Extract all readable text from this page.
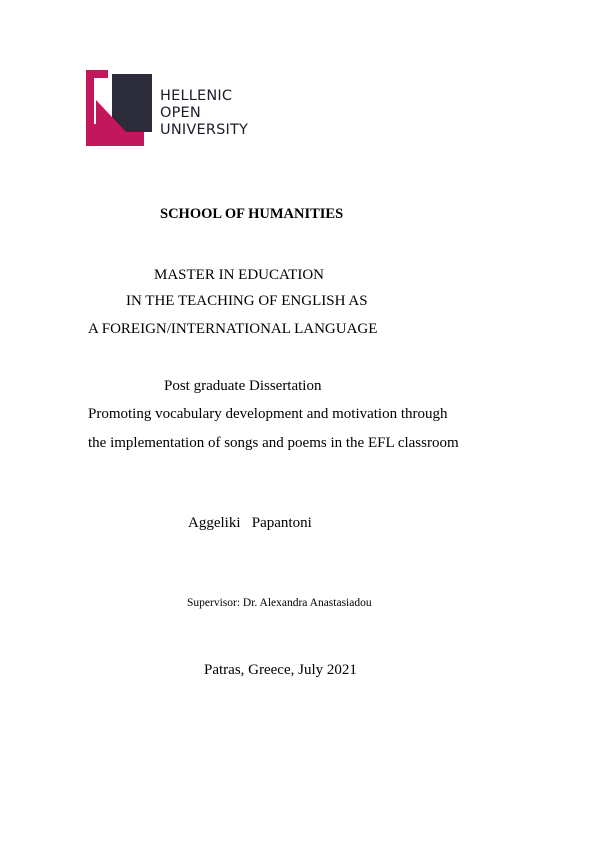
HELLENIC
OPEN
UNIVERSITY
SCHOOL OF HUMANITIES
MASTER IN EDUCATION
IN THE TEACHING OF ENGLISH AS
A FOREIGN/INTERNATIONAL LANGUAGE
Post graduate Dissertation
Promoting vocabulary development and motivation through
the implementation of songs and poems in the EFL classroom
Aggeliki   Papantoni
Supervisor: Dr. Alexandra Anastasiadou
Patras, Greece, July 2021
